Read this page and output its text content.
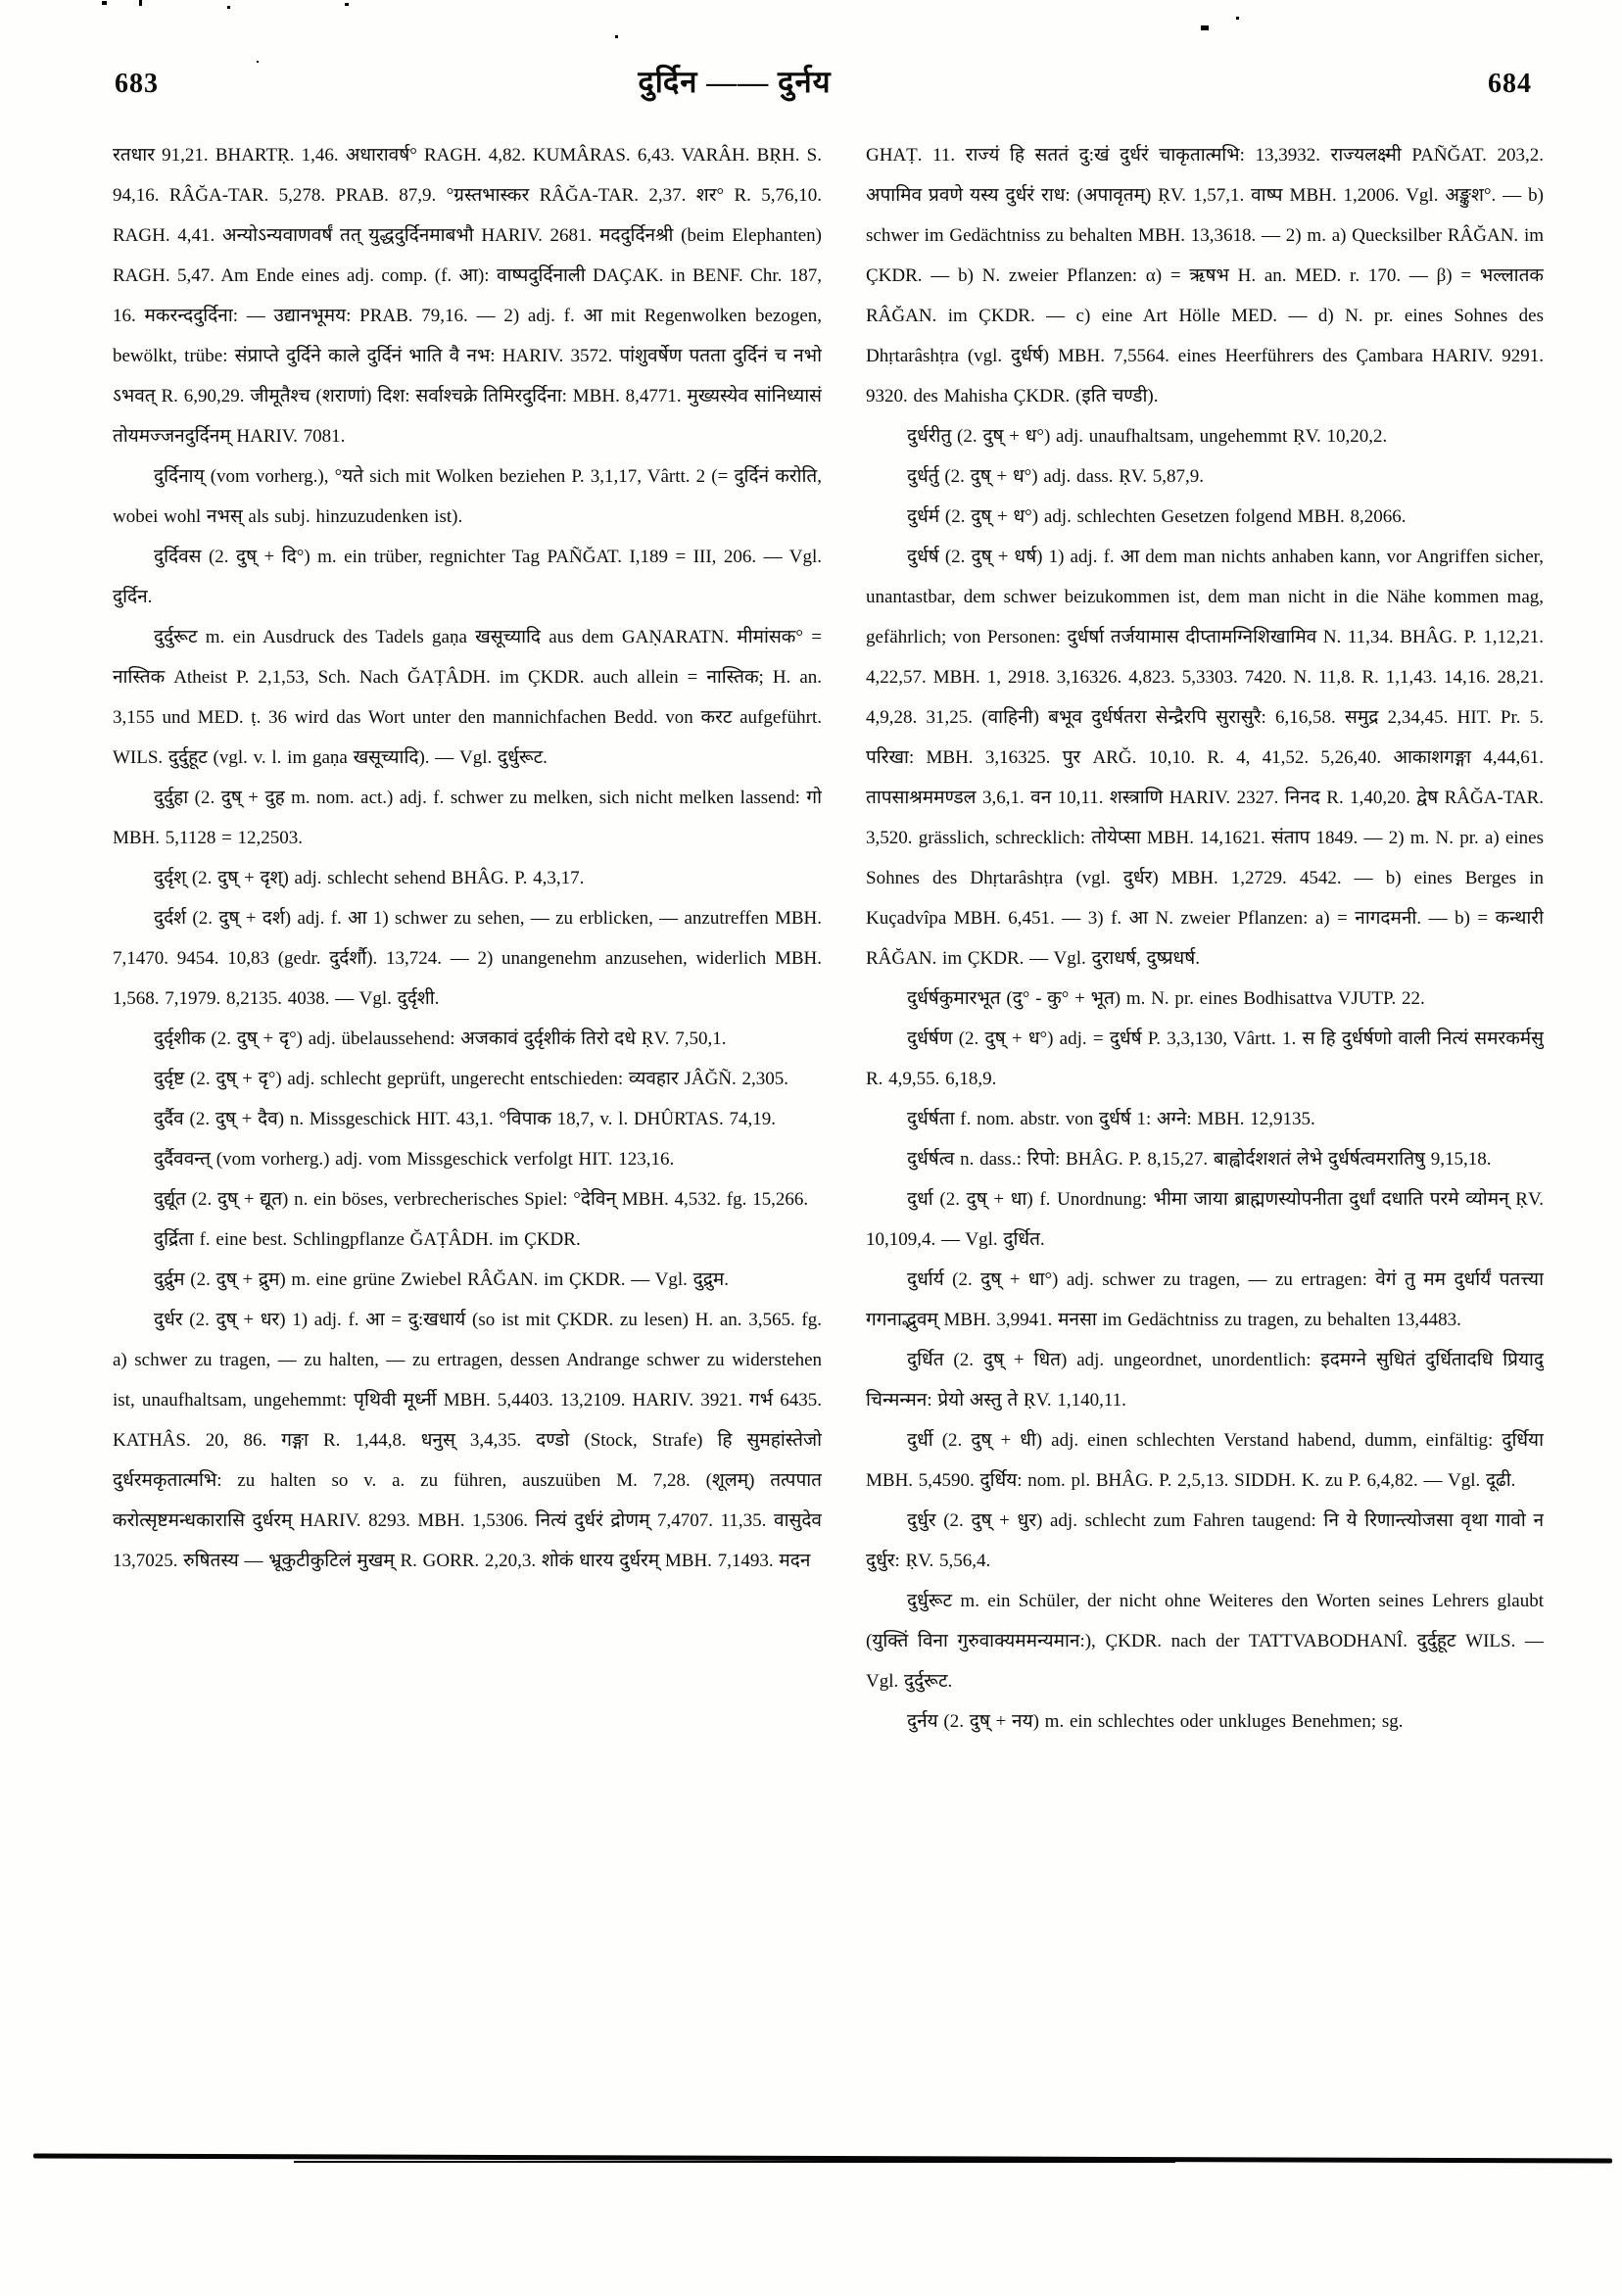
683	दुर्दिन —— दुर्नय	684

रतधार 91,21. BHARTṚ. 1,46. अधारावर्ष° RAGH. 4,82. KUMÂRAS. 6,43. VARÂH. BṚH. S. 94,16. RÂĞA-TAR. 5,278. PRAB. 87,9. °ग्रस्तभास्कर RÂĞA-TAR. 2,37. शर° R. 5,76,10. RAGH. 4,41. अन्योऽन्यवाणवर्षं तत् युद्धदुर्दिनमाबभौ HARIV. 2681. मददुर्दिनश्री (beim Elephanten) RAGH. 5,47. Am Ende eines adj. comp. (f. आ): वाष्पदुर्दिनाली DAÇAK. in BENF. Chr. 187, 16. मकरन्ददुर्दिना: — उद्यानभूमय: PRAB. 79,16. — 2) adj. f. आ mit Regenwolken bezogen, bewölkt, trübe: संप्राप्ते दुर्दिने काले दुर्दिनं भाति वै नभ: HARIV. 3572. पांशुवर्षेण पतता दुर्दिनं च नभो ऽभवत् R. 6,90,29. जीमूतैश्च (शराणां) दिश: सर्वाश्चक्रे तिमिरदुर्दिना: MBH. 8,4771. मुख्यस्येव सांनिध्यासं तोयमज्जनदुर्दिनम् HARIV. 7081.

दुर्दिनाय् (vom vorherg.), °यते sich mit Wolken beziehen P. 3,1,17, Vârtt. 2 (= दुर्दिनं करोति, wobei wohl नभस् als subj. hinzuzudenken ist).

दुर्दिवस (2. दुष् + दि°) m. ein trüber, regnichter Tag PAÑĞAT. I,189 = III, 206. — Vgl. दुर्दिन.

दुर्दुरूट m. ein Ausdruck des Tadels gaṇa खसूच्यादि aus dem GAṆARATN. मीमांसक° = नास्तिक Atheist P. 2,1,53, Sch. Nach ĞAṬÂDH. im ÇKDR. auch allein = नास्तिक; H. an. 3,155 und MED. ṭ. 36 wird das Wort unter den mannichfachen Bedd. von करट aufgeführt. WILS. दुर्दुहूट (vgl. v. l. im gaṇa खसूच्यादि). — Vgl. दुर्धुरूट.

दुर्दुहा (2. दुष् + दुह m. nom. act.) adj. f. schwer zu melken, sich nicht melken lassend: गो MBH. 5,1128 = 12,2503.

दुर्दृश् (2. दुष् + दृश्) adj. schlecht sehend BHÂG. P. 4,3,17.

दुर्दर्श (2. दुष् + दर्श) adj. f. आ 1) schwer zu sehen, — zu erblicken, — anzutreffen MBH. 7,1470. 9454. 10,83 (gedr. दुर्दर्शौ). 13,724. — 2) unangenehm anzusehen, widerlich MBH. 1,568. 7,1979. 8,2135. 4038. — Vgl. दुर्दृशी.

दुर्दृशीक (2. दुष् + दृ°) adj. übelaussehend: अजकावं दुर्दृशीकं तिरो दधे ṚV. 7,50,1.

दुर्दृष्ट (2. दुष् + दृ°) adj. schlecht geprüft, ungerecht entschieden: व्यवहार JÂĞÑ. 2,305.

दुर्दैव (2. दुष् + दैव) n. Missgeschick HIT. 43,1. °विपाक 18,7, v. l. DHÛRTAS. 74,19.

दुर्दैववन्त् (vom vorherg.) adj. vom Missgeschick verfolgt HIT. 123,16.

दुर्द्यूत (2. दुष् + द्यूत) n. ein böses, verbrecherisches Spiel: °देविन् MBH. 4,532. fg. 15,266.

दुर्द्रिता f. eine best. Schlingpflanze ĞAṬÂDH. im ÇKDR.

दुर्द्रुम (2. दुष् + द्रुम) m. eine grüne Zwiebel RÂĞAN. im ÇKDR. — Vgl. दुद्रुम.

दुर्धर (2. दुष् + धर) 1) adj. f. आ = दु:खधार्य (so ist mit ÇKDR. zu lesen) H. an. 3,565. fg. a) schwer zu tragen, — zu halten, — zu ertragen, dessen Andrange schwer zu widerstehen ist, unaufhaltsam, ungehemmt: पृथिवी मूर्ध्नी MBH. 5,4403. 13,2109. HARIV. 3921. गर्भ 6435. KATHÂS. 20, 86. गङ्गा R. 1,44,8. धनुस् 3,4,35. दण्डो (Stock, Strafe) हि सुमहांस्तेजो दुर्धरमकृतात्मभि: zu halten so v. a. zu führen, auszuüben M. 7,28. (शूलम्) तत्पपात करोत्सृष्टमन्धकारासि दुर्धरम् HARIV. 8293. MBH. 1,5306. नित्यं दुर्धरं द्रोणम् 7,4707. 11,35. वासुदेव 13,7025. रुषितस्य — भ्रूकुटीकुटिलं मुखम् R. GORR. 2,20,3. शोकं धारय दुर्धरम् MBH. 7,1493. मदन

GHAṬ. 11. राज्यं हि सततं दु:खं दुर्धरं चाकृतात्मभि: 13,3932. राज्यलक्ष्मी PAÑĞAT. 203,2. अपामिव प्रवणे यस्य दुर्धरं राध: (अपावृतम्) ṚV. 1,57,1. वाष्प MBH. 1,2006. Vgl. अङ्कुश°. — b) schwer im Gedächtniss zu behalten MBH. 13,3618. — 2) m. a) Quecksilber RÂĞAN. im ÇKDR. — b) N. zweier Pflanzen: α) = ऋषभ H. an. MED. r. 170. — β) = भल्लातक RÂĞAN. im ÇKDR. — c) eine Art Hölle MED. — d) N. pr. eines Sohnes des Dhṛtarâshṭra (vgl. दुर्धर्ष) MBH. 7,5564. eines Heerführers des Çambara HARIV. 9291. 9320. des Mahisha ÇKDR. (इति चण्डी).

दुर्धरीतु (2. दुष् + ध°) adj. unaufhaltsam, ungehemmt ṚV. 10,20,2.

दुर्धर्तु (2. दुष् + ध°) adj. dass. ṚV. 5,87,9.

दुर्धर्म (2. दुष् + ध°) adj. schlechten Gesetzen folgend MBH. 8,2066.

दुर्धर्ष (2. दुष् + धर्ष) 1) adj. f. आ dem man nichts anhaben kann, vor Angriffen sicher, unantastbar, dem schwer beizukommen ist, dem man nicht in die Nähe kommen mag, gefährlich; von Personen: दुर्धर्षा तर्जयामास दीप्तामग्निशिखामिव N. 11,34. BHÂG. P. 1,12,21. 4,22,57. MBH. 1, 2918. 3,16326. 4,823. 5,3303. 7420. N. 11,8. R. 1,1,43. 14,16. 28,21. 4,9,28. 31,25. (वाहिनी) बभूव दुर्धर्षतरा सेन्द्रैरपि सुरासुरै: 6,16,58. समुद्र 2,34,45. HIT. Pr. 5. परिखा: MBH. 3,16325. पुर ARĞ. 10,10. R. 4, 41,52. 5,26,40. आकाशगङ्गा 4,44,61. तापसाश्रममण्डल 3,6,1. वन 10,11. शस्त्राणि HARIV. 2327. निनद R. 1,40,20. द्वेष RÂĞA-TAR. 3,520. grässlich, schrecklich: तोयेप्सा MBH. 14,1621. संताप 1849. — 2) m. N. pr. a) eines Sohnes des Dhṛtarâshṭra (vgl. दुर्धर) MBH. 1,2729. 4542. — b) eines Berges in Kuçadvîpa MBH. 6,451. — 3) f. आ N. zweier Pflanzen: a) = नागदमनी. — b) = कन्थारी RÂĞAN. im ÇKDR. — Vgl. दुराधर्ष, दुष्प्रधर्ष.

दुर्धर्षकुमारभूत (दु° - कु° + भूत) m. N. pr. eines Bodhisattva VJUTP. 22.

दुर्धर्षण (2. दुष् + ध°) adj. = दुर्धर्ष P. 3,3,130, Vârtt. 1. स हि दुर्धर्षणो वाली नित्यं समरकर्मसु R. 4,9,55. 6,18,9.

दुर्धर्षता f. nom. abstr. von दुर्धर्ष 1: अग्ने: MBH. 12,9135.

दुर्धर्षत्व n. dass.: रिपो: BHÂG. P. 8,15,27. बाह्वोर्दशशतं लेभे दुर्धर्षत्वमरातिषु 9,15,18.

दुर्धा (2. दुष् + धा) f. Unordnung: भीमा जाया ब्राह्मणस्योपनीता दुर्धां दधाति परमे व्योमन् ṚV. 10,109,4. — Vgl. दुर्धित.

दुर्धार्य (2. दुष् + धा°) adj. schwer zu tragen, — zu ertragen: वेगं तु मम दुर्धार्यं पतत्त्या गगनाद्भुवम् MBH. 3,9941. मनसा im Gedächtniss zu tragen, zu behalten 13,4483.

दुर्धित (2. दुष् + धित) adj. ungeordnet, unordentlich: इदमग्ने सुधितं दुर्धितादधि प्रियादु चिन्मन्मन: प्रेयो अस्तु ते ṚV. 1,140,11.

दुर्धी (2. दुष् + धी) adj. einen schlechten Verstand habend, dumm, einfältig: दुर्धिया MBH. 5,4590. दुर्धिय: nom. pl. BHÂG. P. 2,5,13. SIDDH. K. zu P. 6,4,82. — Vgl. दूढी.

दुर्धुर (2. दुष् + धुर) adj. schlecht zum Fahren taugend: नि ये रिणान्त्योजसा वृथा गावो न दुर्धुर: ṚV. 5,56,4.

दुर्धुरूट m. ein Schüler, der nicht ohne Weiteres den Worten seines Lehrers glaubt (युक्तिं विना गुरुवाक्यममन्यमान:), ÇKDR. nach der TATTVABODHANÎ. दुर्दुहूट WILS. — Vgl. दुर्दुरूट.

दुर्नय (2. दुष् + नय) m. ein schlechtes oder unkluges Benehmen; sg.
